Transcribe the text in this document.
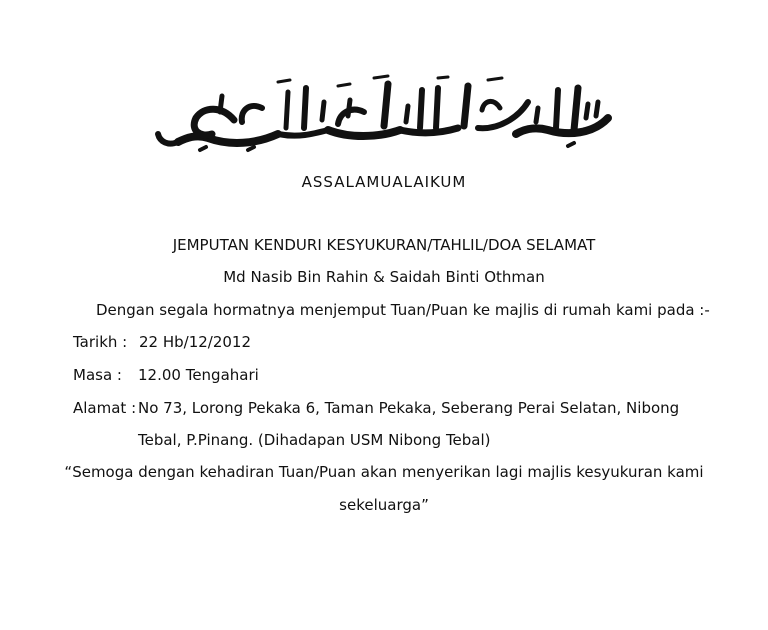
ASSALAMUALAIKUM
JEMPUTAN KENDURI KESYUKURAN/TAHLIL/DOA SELAMAT
Md Nasib Bin Rahin & Saidah Binti Othman
Dengan segala hormatnya menjemput Tuan/Puan ke majlis di rumah kami pada :-
Tarikh : 22 Hb/12/2012
Masa : 12.00 Tengahari
Alamat : No 73, Lorong Pekaka 6, Taman Pekaka, Seberang Perai Selatan, Nibong
Tebal, P.Pinang. (Dihadapan USM Nibong Tebal)
“Semoga dengan kehadiran Tuan/Puan akan menyerikan lagi majlis kesyukuran kami
sekeluarga”
